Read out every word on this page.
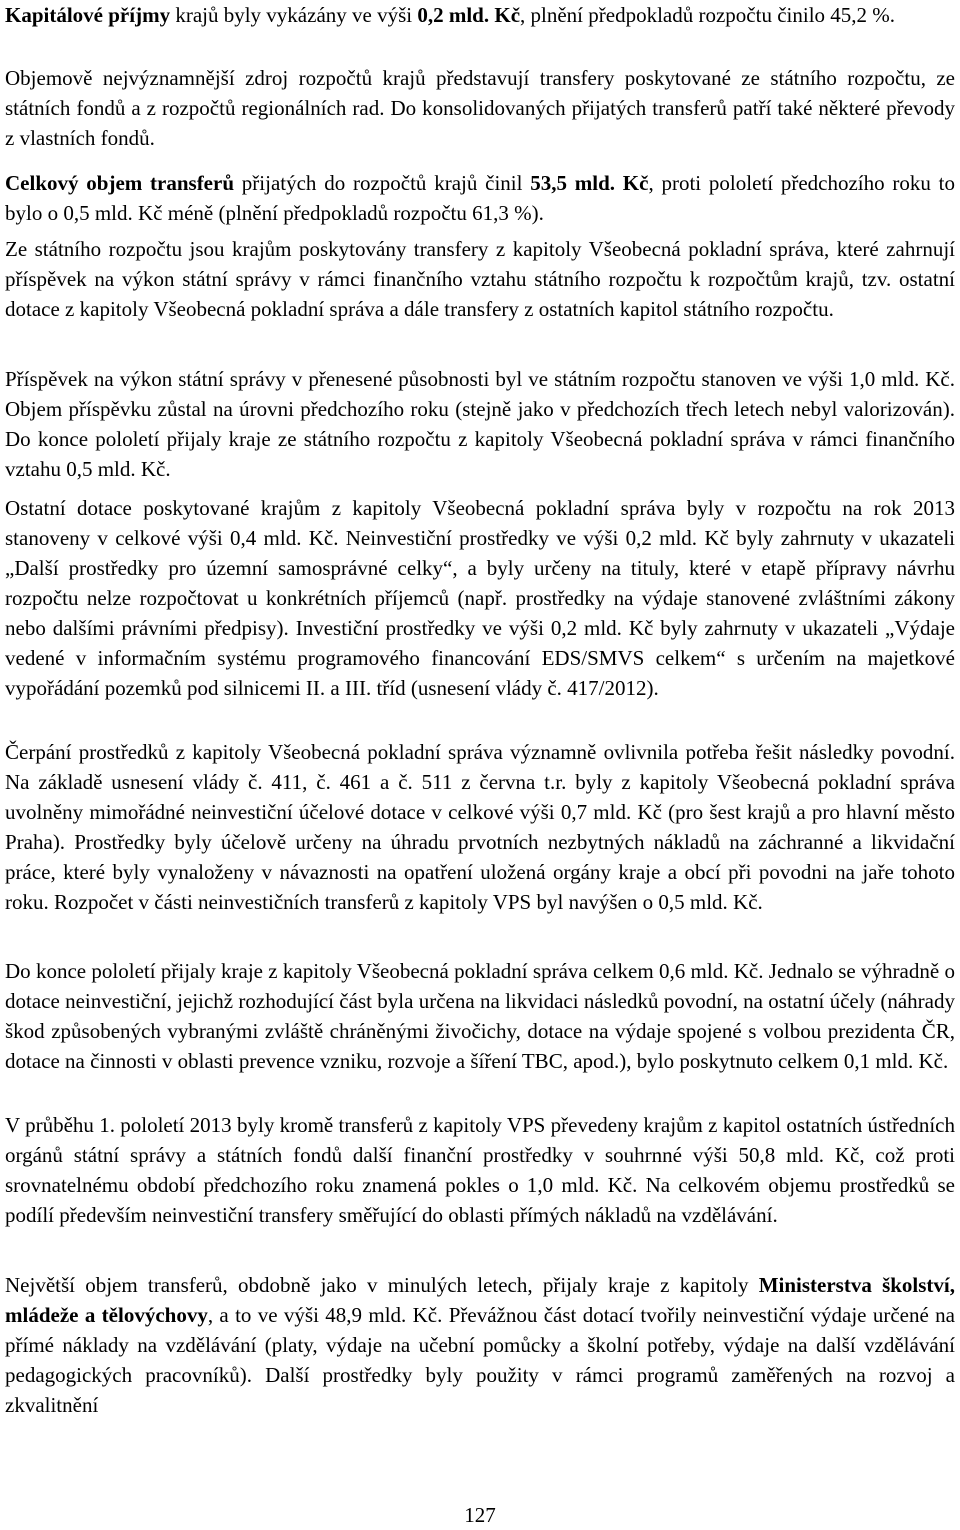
Kapitálové příjmy krajů byly vykázány ve výši 0,2 mld. Kč, plnění předpokladů rozpočtu činilo 45,2 %.

Objemově nejvýznamnější zdroj rozpočtů krajů představují transfery poskytované ze státního rozpočtu, ze státních fondů a z rozpočtů regionálních rad. Do konsolidovaných přijatých transferů patří také některé převody z vlastních fondů.

Celkový objem transferů přijatých do rozpočtů krajů činil 53,5 mld. Kč, proti pololetí předchozího roku to bylo o 0,5 mld. Kč méně (plnění předpokladů rozpočtu 61,3 %).

Ze státního rozpočtu jsou krajům poskytovány transfery z kapitoly Všeobecná pokladní správa, které zahrnují příspěvek na výkon státní správy v rámci finančního vztahu státního rozpočtu k rozpočtům krajů, tzv. ostatní dotace z kapitoly Všeobecná pokladní správa a dále transfery z ostatních kapitol státního rozpočtu.

Příspěvek na výkon státní správy v přenesené působnosti byl ve státním rozpočtu stanoven ve výši 1,0 mld. Kč. Objem příspěvku zůstal na úrovni předchozího roku (stejně jako v předchozích třech letech nebyl valorizován). Do konce pololetí přijaly kraje ze státního rozpočtu z kapitoly Všeobecná pokladní správa v rámci finančního vztahu 0,5 mld. Kč.

Ostatní dotace poskytované krajům z kapitoly Všeobecná pokladní správa byly v rozpočtu na rok 2013 stanoveny v celkové výši 0,4 mld. Kč. Neinvestiční prostředky ve výši 0,2 mld. Kč byly zahrnuty v ukazateli „Další prostředky pro územní samosprávné celky“, a byly určeny na tituly, které v etapě přípravy návrhu rozpočtu nelze rozpočtovat u konkrétních příjemců (např. prostředky na výdaje stanovené zvláštními zákony nebo dalšími právními předpisy). Investiční prostředky ve výši 0,2 mld. Kč byly zahrnuty v ukazateli „Výdaje vedené v informačním systému programového financování EDS/SMVS celkem“ s určením na majetkové vypořádání pozemků pod silnicemi II. a III. tříd (usnesení vlády č. 417/2012).

Čerpání prostředků z kapitoly Všeobecná pokladní správa významně ovlivnila potřeba řešit následky povodní. Na základě usnesení vlády č. 411, č. 461 a č. 511 z června t.r. byly z kapitoly Všeobecná pokladní správa uvolněny mimořádné neinvestiční účelové dotace v celkové výši 0,7 mld. Kč (pro šest krajů a pro hlavní město Praha). Prostředky byly účelově určeny na úhradu prvotních nezbytných nákladů na záchranné a likvidační práce, které byly vynaloženy v návaznosti na opatření uložená orgány kraje a obcí při povodni na jaře tohoto roku. Rozpočet v části neinvestičních transferů z kapitoly VPS byl navýšen o 0,5 mld. Kč.

Do konce pololetí přijaly kraje z kapitoly Všeobecná pokladní správa celkem 0,6 mld. Kč. Jednalo se výhradně o dotace neinvestiční, jejichž rozhodující část byla určena na likvidaci následků povodní, na ostatní účely (náhrady škod způsobených vybranými zvláště chráněnými živočichy, dotace na výdaje spojené s volbou prezidenta ČR, dotace na činnosti v oblasti prevence vzniku, rozvoje a šíření TBC, apod.), bylo poskytnuto celkem 0,1 mld. Kč.

V průběhu 1. pololetí 2013 byly kromě transferů z kapitoly VPS převedeny krajům z kapitol ostatních ústředních orgánů státní správy a státních fondů další finanční prostředky v souhrnné výši 50,8 mld. Kč, což proti srovnatelnému období předchozího roku znamená pokles o 1,0 mld. Kč. Na celkovém objemu prostředků se podílí především neinvestiční transfery směřující do oblasti přímých nákladů na vzdělávání.

Největší objem transferů, obdobně jako v minulých letech, přijaly kraje z kapitoly Ministerstva školství, mládeže a tělovýchovy, a to ve výši 48,9 mld. Kč. Převážnou část dotací tvořily neinvestiční výdaje určené na přímé náklady na vzdělávání (platy, výdaje na učební pomůcky a školní potřeby, výdaje na další vzdělávání pedagogických pracovníků). Další prostředky byly použity v rámci programů zaměřených na rozvoj a zkvalitnění

127
